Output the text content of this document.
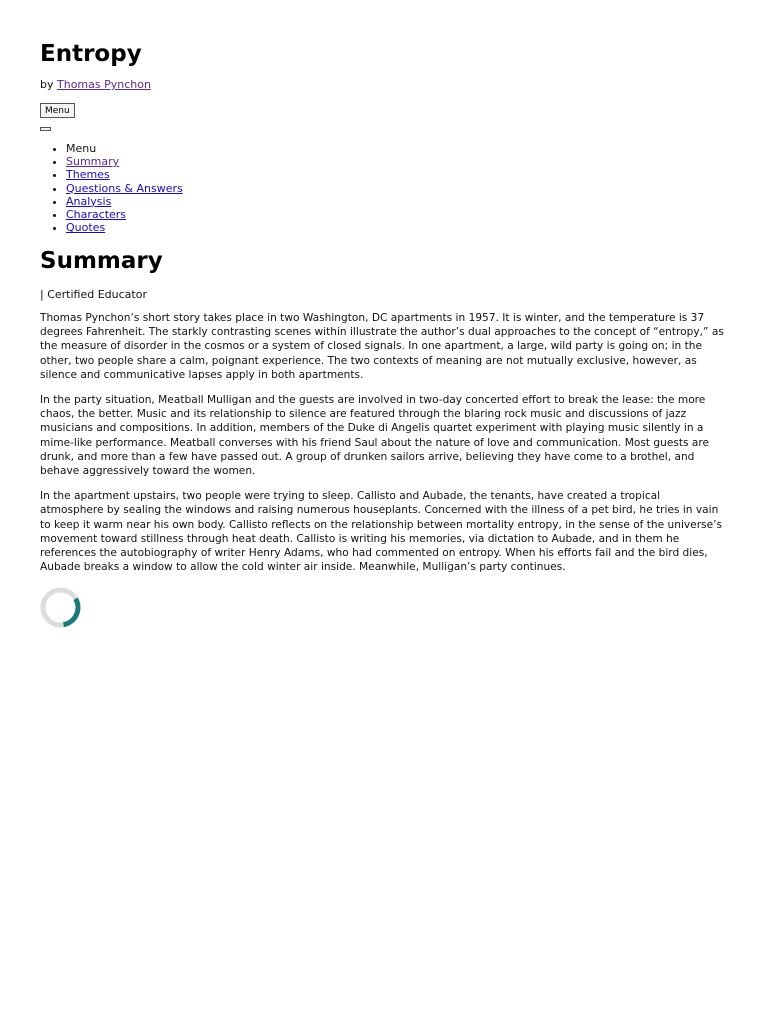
Entropy
by Thomas Pynchon
Menu
• Menu
• Summary
• Themes
• Questions & Answers
• Analysis
• Characters
• Quotes
Summary
| Certified Educator

Thomas Pynchon’s short story takes place in two Washington, DC apartments in 1957. It is winter, and the temperature is 37 degrees Fahrenheit. The starkly contrasting scenes within illustrate the author’s dual approaches to the concept of “entropy,” as the measure of disorder in the cosmos or a system of closed signals. In one apartment, a large, wild party is going on; in the other, two people share a calm, poignant experience. The two contexts of meaning are not mutually exclusive, however, as silence and communicative lapses apply in both apartments.

In the party situation, Meatball Mulligan and the guests are involved in two-day concerted effort to break the lease: the more chaos, the better. Music and its relationship to silence are featured through the blaring rock music and discussions of jazz musicians and compositions. In addition, members of the Duke di Angelis quartet experiment with playing music silently in a mime-like performance. Meatball converses with his friend Saul about the nature of love and communication. Most guests are drunk, and more than a few have passed out. A group of drunken sailors arrive, believing they have come to a brothel, and behave aggressively toward the women.

In the apartment upstairs, two people were trying to sleep. Callisto and Aubade, the tenants, have created a tropical atmosphere by sealing the windows and raising numerous houseplants. Concerned with the illness of a pet bird, he tries in vain to keep it warm near his own body. Callisto reflects on the relationship between mortality entropy, in the sense of the universe’s movement toward stillness through heat death. Callisto is writing his memories, via dictation to Aubade, and in them he references the autobiography of writer Henry Adams, who had commented on entropy. When his efforts fail and the bird dies, Aubade breaks a window to allow the cold winter air inside. Meanwhile, Mulligan’s party continues.
